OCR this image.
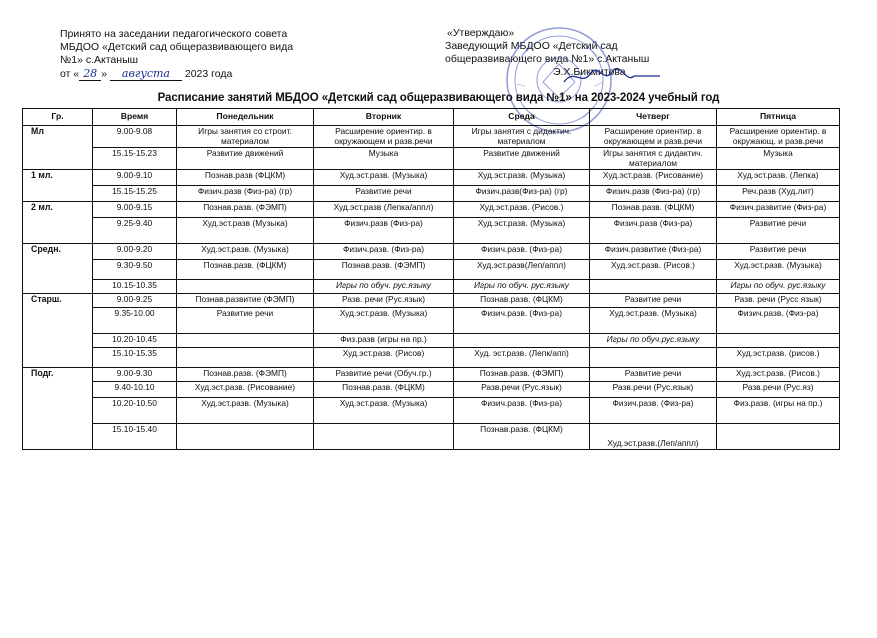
Принято на заседании педагогического совета
МБДОО «Детский сад общеразвивающего вида
№1» с.Актаныш
от « 28 » августа 2023 года
«Утверждаю»
Заведующий МБДОО «Детский сад
общеразвивающего вида №1» с.Актаныш
Э.Х.Бикмитова
Расписание занятий МБДОО «Детский сад общеразвивающего вида №1» на 2023-2024 учебный год
Гр.	Время	Понедельник	Вторник	Среда	Четверг	Пятница
Мл	9.00-9.08	Игры занятия со строит. материалом	Расширение ориентир. в окружающем и разв.речи	Игры занятия с дидактич. материалом	Расширение ориентир. в окружающем и разв.речи	Расширение ориентир. в окружающ. и разв.речи
	15.15-15.23	Развитие движений	Музыка	Развитие движений	Игры занятия с дидактич. материалом	Музыка
1 мл.	9.00-9.10	Познав.разв (ФЦКМ)	Худ.эст.разв. (Музыка)	Худ.эст.разв. (Музыка)	Худ.эст.разв. (Рисование)	Худ.эст.разв. (Лепка)
	15.15-15.25	Физич.разв (Физ-ра) (гр)	Развитие речи	Физич.разв(Физ-ра) (гр)	Физич.разв (Физ-ра) (гр)	Реч.разв (Худ.лит)
2 мл.	9.00-9.15	Познав.разв. (ФЭМП)	Худ.эст.разв (Лепка/аппл)	Худ.эст.разв. (Рисов.)	Познав.разв. (ФЦКМ)	Физич.развитие (Физ-ра)
	9.25-9.40	Худ.эст.разв (Музыка)	Физич.разв (Физ-ра)	Худ.эст.разв. (Музыка)	Физич.разв (Физ-ра)	Развитие речи
Средн.	9.00-9.20	Худ.эст.разв. (Музыка)	Физич.разв. (Физ-ра)	Физич.разв. (Физ-ра)	Физич.развитие (Физ-ра)	Развитие речи
	9.30-9.50	Познав.разв. (ФЦКМ)	Познав.разв. (ФЭМП)	Худ.эст.разв(Леп/аппл)	Худ.эст.разв. (Рисов.)	Худ.эст.разв. (Музыка)
	10.15-10.35		Игры по обуч. рус.языку	Игры по обуч. рус.языку		Игры по обуч. рус.языку
Старш.	9.00-9.25	Познав.развитие (ФЭМП)	Разв. речи (Рус.язык)	Познав.разв. (ФЦКМ)	Развитие речи	Разв. речи (Русс язык)
	9.35-10.00	Развитие речи	Худ.эст.разв. (Музыка)	Физич.разв. (Физ-ра)	Худ.эст.разв. (Музыка)	Физич.разв. (Физ-ра)
	10.20-10.45		Физ.разв (игры на пр.)		Игры по обуч.рус.языку	
	15.10-15.35		Худ.эст.разв. (Рисов)	Худ. эст.разв. (Лепк/апп)		Худ.эст.разв. (рисов.)
Подг.	9.00-9.30	Познав.разв. (ФЭМП)	Развитие речи (Обуч.гр.)	Познав.разв. (ФЭМП)	Развитие речи	Худ.эст.разв. (Рисов.)
	9.40-10.10	Худ.эст.разв. (Рисование)	Познав.разв. (ФЦКМ)	Разв.речи (Рус.язык)	Разв.речи (Рус.язык)	Разв.речи (Рус.яз)
	10.20-10.50	Худ.эст.разв. (Музыка)	Худ.эст.разв. (Музыка)	Физич.разв. (Физ-ра)	Физич.разв. (Физ-ра)	Физ.разв. (игры на пр.)
	15.10-15.40			Познав.разв. (ФЦКМ)	Худ.эст.разв.(Леп/аппл)	
